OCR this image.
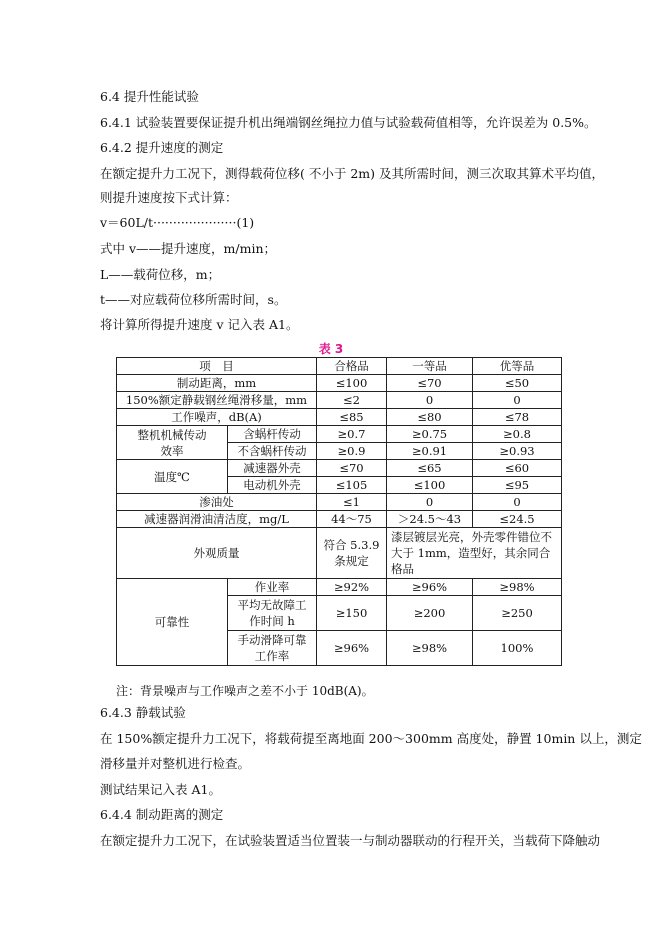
6.4 提升性能试验
6.4.1 试验装置要保证提升机出绳端钢丝绳拉力值与试验载荷值相等，允许误差为 0.5%。
6.4.2 提升速度的测定
在额定提升力工况下，测得载荷位移( 不小于 2m) 及其所需时间，测三次取其算术平均值，
则提升速度按下式计算：
v＝60L/t·····················(1)
式中 v——提升速度，m/min；
L——载荷位移，m；
t——对应载荷位移所需时间，s。
将计算所得提升速度 v 记入表 A1。
表 3
项　目		合格品	一等品	优等品
制动距离，mm		≤100	≤70	≤50
150%额定静载钢丝绳滑移量，mm		≤2	0	0
工作噪声，dB(A)		≤85	≤80	≤78
整机机械传动效率	含蜗杆传动	≥0.7	≥0.75	≥0.8
	不含蜗杆传动	≥0.9	≥0.91	≥0.93
温度℃	减速器外壳	≤70	≤65	≤60
	电动机外壳	≤105	≤100	≤95
渗油处		≤1	0	0
减速器润滑油清洁度，mg/L		44～75	＞24.5～43	≤24.5
外观质量		符合 5.3.9 条规定	漆层镀层光亮，外壳零件错位不大于 1mm，造型好，其余同合格品	
可靠性	作业率	≥92%	≥96%	≥98%
	平均无故障工作时间 h	≥150	≥200	≥250
	手动滑降可靠工作率	≥96%	≥98%	100%
注：背景噪声与工作噪声之差不小于 10dB(A)。
6.4.3 静载试验
在 150%额定提升力工况下，将载荷提至离地面 200～300mm 高度处，静置 10min 以上，测定
滑移量并对整机进行检查。
测试结果记入表 A1。
6.4.4 制动距离的测定
在额定提升力工况下，在试验装置适当位置装一与制动器联动的行程开关，当载荷下降触动
